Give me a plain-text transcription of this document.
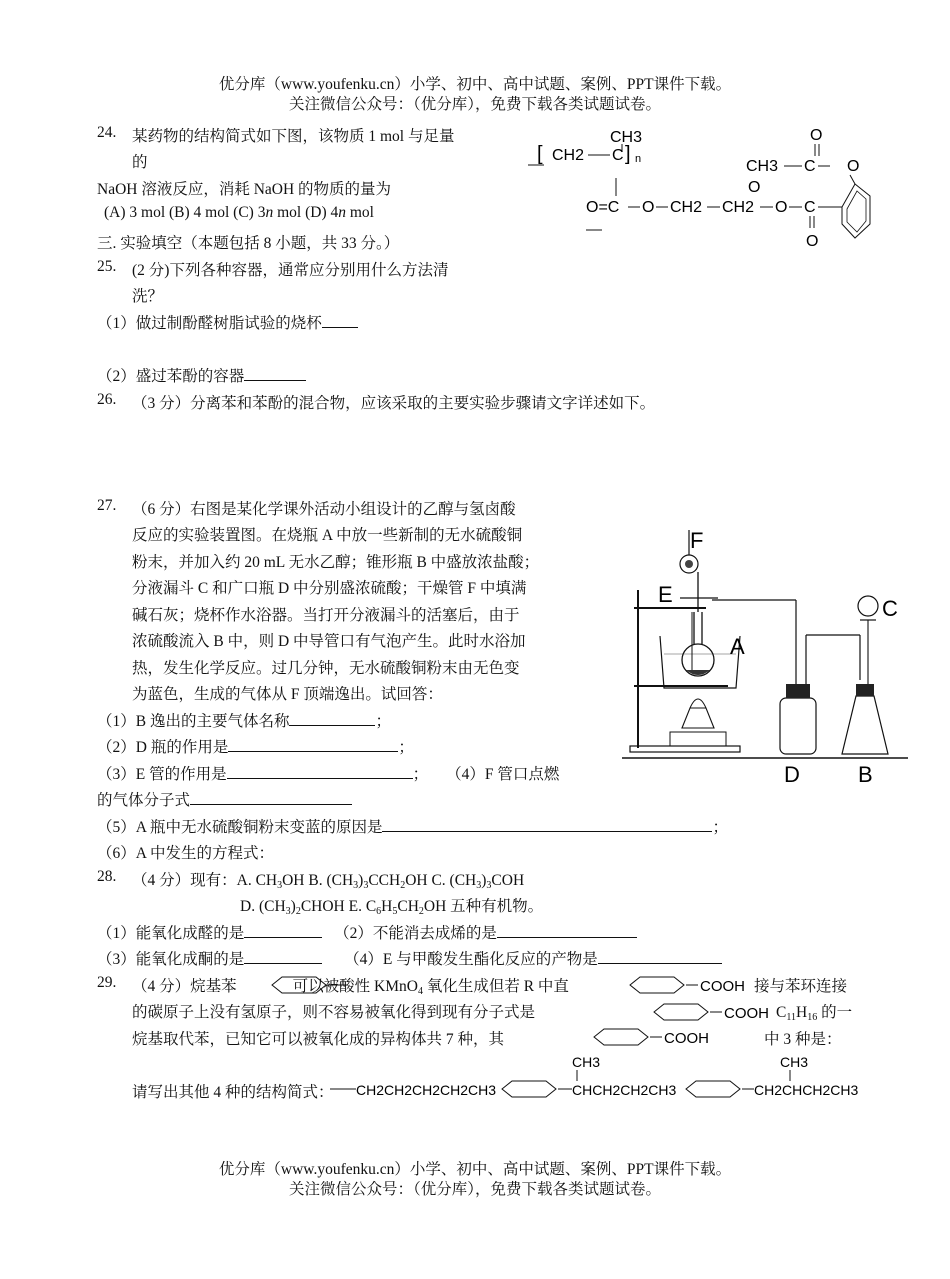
优分库（www.youfenku.cn）小学、初中、高中试题、案例、PPT课件下载。
关注微信公众号：（优分库），免费下载各类试题试卷。
24. 某药物的结构简式如下图，该物质 1 mol 与足量
的
NaOH 溶液反应，消耗 NaOH 的物质的量为
(A) 3 mol (B) 4 mol (C) 3n mol (D) 4n mol
CH3
[ CH2 C ] n
O=C O CH2 CH2 O C
O
CH3 C O
O
O
三. 实验填空（本题包括 8 小题，共 33 分。）
25. (2 分)下列各种容器，通常应分别用什么方法清
洗？
（1）做过制酚醛树脂试验的烧杯
（2）盛过苯酚的容器
26. （3 分）分离苯和苯酚的混合物，应该采取的主要实验步骤请文字详述如下。
27. （6 分）右图是某化学课外活动小组设计的乙醇与氢卤酸
反应的实验装置图。在烧瓶 A 中放一些新制的无水硫酸铜
粉末，并加入约 20 mL 无水乙醇；锥形瓶 B 中盛放浓盐酸；
分液漏斗 C 和广口瓶 D 中分别盛浓硫酸；干燥管 F 中填满
碱石灰；烧杯作水浴器。当打开分液漏斗的活塞后，由于
浓硫酸流入 B 中，则 D 中导管口有气泡产生。此时水浴加
热，发生化学反应。过几分钟，无水硫酸铜粉末由无色变
为蓝色，生成的气体从 F 顶端逸出。试回答：
（1）B 逸出的主要气体名称	；
（2）D 瓶的作用是	；
（3）E 管的作用是	； （4）F 管口点燃
的气体分子式
（5）A 瓶中无水硫酸铜粉末变蓝的原因是	；
（6）A 中发生的方程式：
F
E
A
C
D	B
28. （4 分）现有：A. $CH_3OH$ B. $(CH_3)_3CCH_2OH$ C. $(CH_3)_3COH$
D. $(CH_3)_2CHOH$ E. $C_6H_5CH_2OH$ 五种有机物。
（1）能氧化成醛的是	（2）不能消去成烯的是
（3）能氧化成酮的是	（4）E 与甲酸发生酯化反应的产物是
29. （4 分）烷基苯	可以被酸性 KMnO$_4$ 氧化生成但若 R 中直	接与苯环连接
的碳原子上没有氢原子，则不容易被氧化得到现有分子式是	$C_{11}H_{16}$ 的一
烷基取代苯，已知它可以被氧化成的异构体共 7 种，其	中 3 种是：
请写出其他 4 种的结构简式：
COOH
COOH
COOH
CH2CH2CH2CH2CH3	CHCH2CH2CH3
CH3
CH2CHCH2CH3
CH3
优分库（www.youfenku.cn）小学、初中、高中试题、案例、PPT课件下载。
关注微信公众号：（优分库），免费下载各类试题试卷。
